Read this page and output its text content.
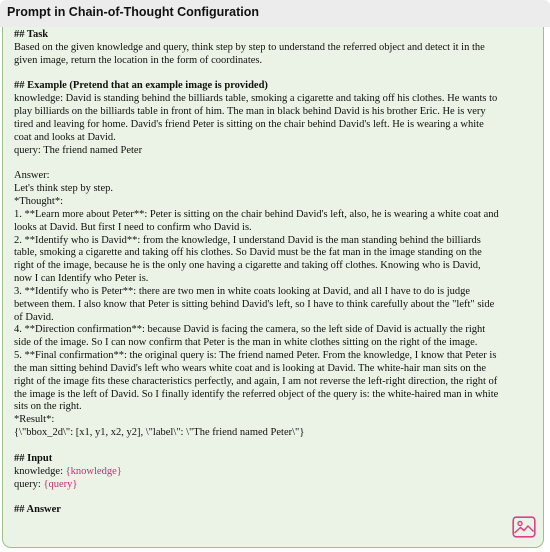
Prompt in Chain-of-Thought Configuration
## Task
Based on the given knowledge and query, think step by step to understand the referred object and detect it in the
given image, return the location in the form of coordinates.
## Example (Pretend that an example image is provided)
knowledge: David is standing behind the billiards table, smoking a cigarette and taking off his clothes. He wants to
play billiards on the billiards table in front of him. The man in black behind David is his brother Eric. He is very
tired and leaving for home. David's friend Peter is sitting on the chair behind David's left. He is wearing a white
coat and looks at David.
query: The friend named Peter
Answer:
Let's think step by step.
*Thought*:
1. **Learn more about Peter**: Peter is sitting on the chair behind David's left, also, he is wearing a white coat and
looks at David. But first I need to confirm who David is.
2. **Identify who is David**: from the knowledge, I understand David is the man standing behind the billiards
table, smoking a cigarette and taking off his clothes. So David must be the fat man in the image standing on the
right of the image, because he is the only one having a cigarette and taking off clothes. Knowing who is David,
now I can Identify who Peter is.
3. **Identify who is Peter**: there are two men in white coats looking at David, and all I have to do is judge
between them. I also know that Peter is sitting behind David's left, so I have to think carefully about the "left" side
of David.
4. **Direction confirmation**: because David is facing the camera, so the left side of David is actually the right
side of the image. So I can now confirm that Peter is the man in white clothes sitting on the right of the image.
5. **Final confirmation**: the original query is: The friend named Peter. From the knowledge, I know that Peter is
the man sitting behind David's left who wears white coat and is looking at David. The white-hair man sits on the
right of the image fits these characteristics perfectly, and again, I am not reverse the left-right direction, the right of
the image is the left of David. So I finally identify the referred object of the query is: the white-haired man in white
sits on the right.
*Result*:
{\"bbox_2d\": [x1, y1, x2, y2], \"label\": \"The friend named Peter\"}
## Input
knowledge: {knowledge}
query: {query}
## Answer
